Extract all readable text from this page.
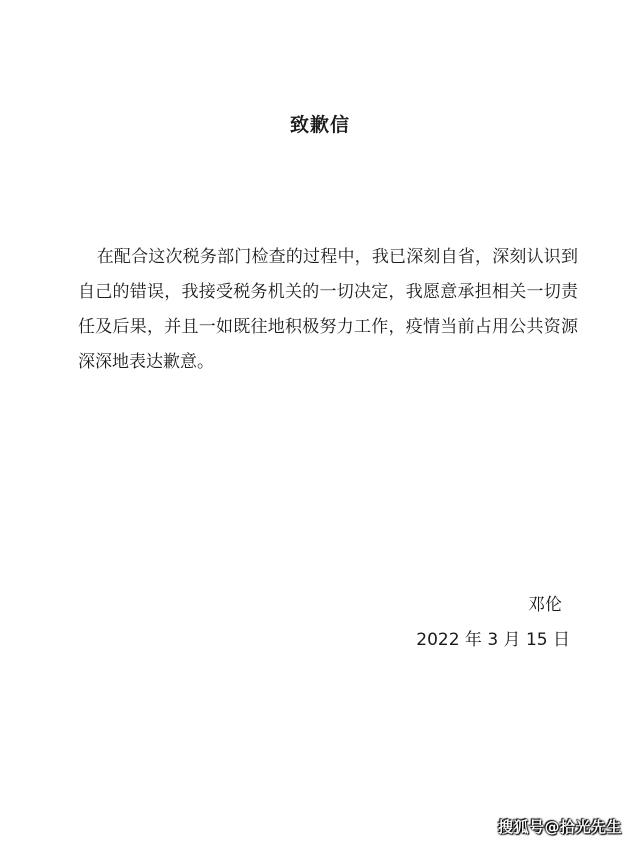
致歉信
在配合这次税务部门检查的过程中，我已深刻自省，深刻认识到自己的错误，我接受税务机关的一切决定，我愿意承担相关一切责任及后果，并且一如既往地积极努力工作，疫情当前占用公共资源深深地表达歉意。
邓伦
2022 年 3 月 15 日
搜狐号@拾光先生
